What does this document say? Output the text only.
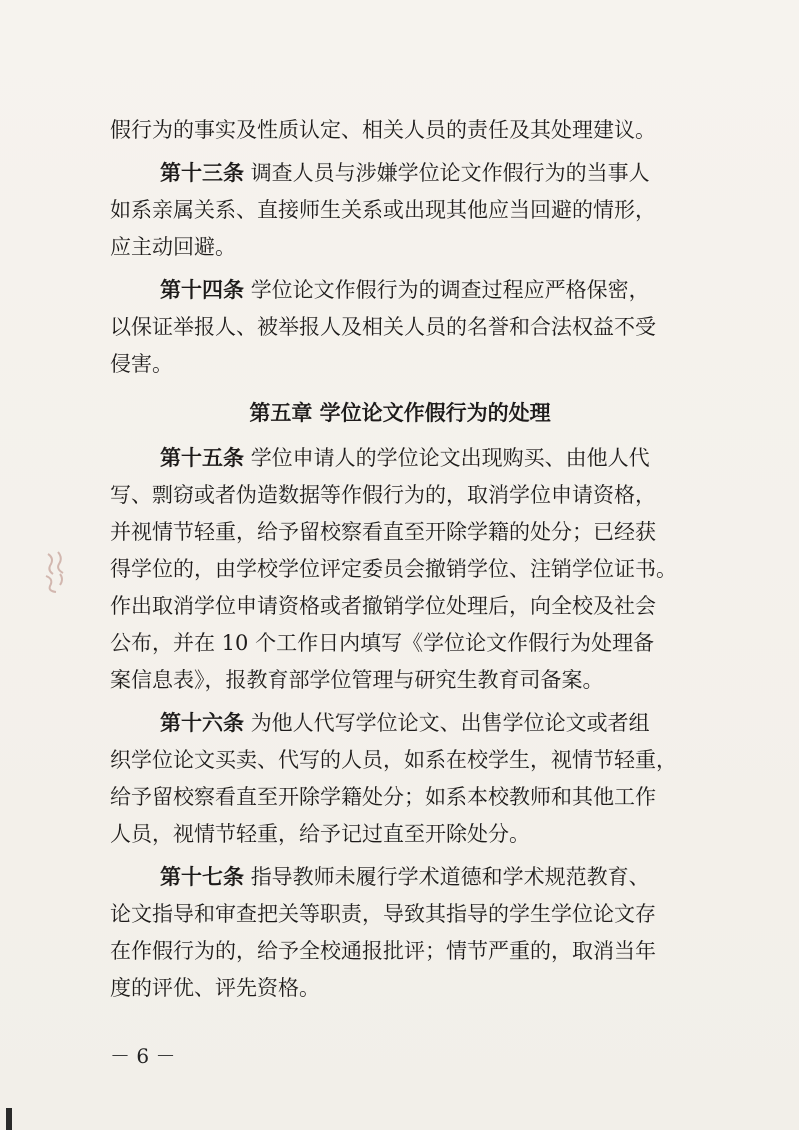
假行为的事实及性质认定、相关人员的责任及其处理建议。
第十三条 调查人员与涉嫌学位论文作假行为的当事人
如系亲属关系、直接师生关系或出现其他应当回避的情形，
应主动回避。
第十四条 学位论文作假行为的调查过程应严格保密，
以保证举报人、被举报人及相关人员的名誉和合法权益不受
侵害。
第五章 学位论文作假行为的处理
第十五条 学位申请人的学位论文出现购买、由他人代
写、剽窃或者伪造数据等作假行为的，取消学位申请资格，
并视情节轻重，给予留校察看直至开除学籍的处分；已经获
得学位的，由学校学位评定委员会撤销学位、注销学位证书。
作出取消学位申请资格或者撤销学位处理后，向全校及社会
公布，并在 10 个工作日内填写《学位论文作假行为处理备
案信息表》，报教育部学位管理与研究生教育司备案。
第十六条 为他人代写学位论文、出售学位论文或者组
织学位论文买卖、代写的人员，如系在校学生，视情节轻重，
给予留校察看直至开除学籍处分；如系本校教师和其他工作
人员，视情节轻重，给予记过直至开除处分。
第十七条 指导教师未履行学术道德和学术规范教育、
论文指导和审查把关等职责，导致其指导的学生学位论文存
在作假行为的，给予全校通报批评；情节严重的，取消当年
度的评优、评先资格。
－ 6 －
